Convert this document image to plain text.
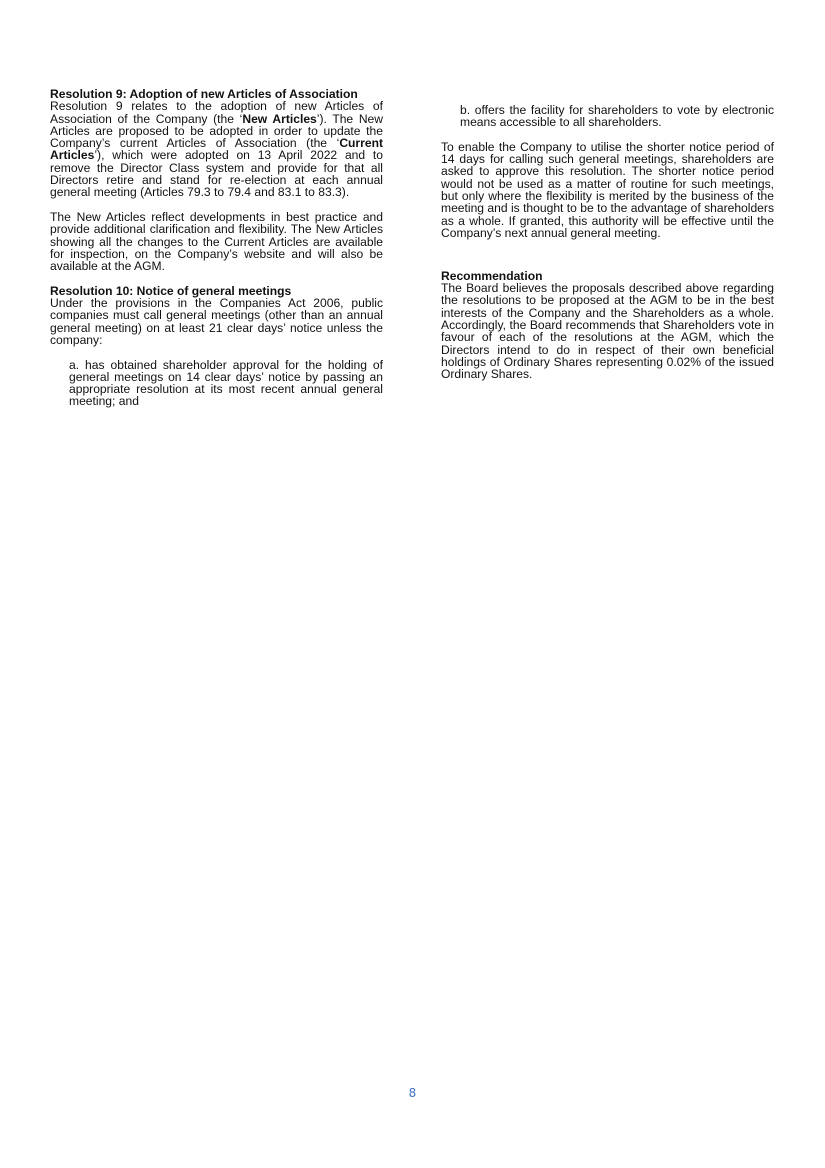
Resolution 9: Adoption of new Articles of Association

Resolution 9 relates to the adoption of new Articles of Association of the Company (the ‘New Articles’). The New Articles are proposed to be adopted in order to update the Company’s current Articles of Association (the ‘Current Articles’), which were adopted on 13 April 2022 and to remove the Director Class system and provide for that all Directors retire and stand for re-election at each annual general meeting (Articles 79.3 to 79.4 and 83.1 to 83.3).

The New Articles reflect developments in best practice and provide additional clarification and flexibility. The New Articles showing all the changes to the Current Articles are available for inspection, on the Company’s website and will also be available at the AGM.

Resolution 10: Notice of general meetings

Under the provisions in the Companies Act 2006, public companies must call general meetings (other than an annual general meeting) on at least 21 clear days’ notice unless the company:

a. has obtained shareholder approval for the holding of general meetings on 14 clear days’ notice by passing an appropriate resolution at its most recent annual general meeting; and

b. offers the facility for shareholders to vote by electronic means accessible to all shareholders.

To enable the Company to utilise the shorter notice period of 14 days for calling such general meetings, shareholders are asked to approve this resolution. The shorter notice period would not be used as a matter of routine for such meetings, but only where the flexibility is merited by the business of the meeting and is thought to be to the advantage of shareholders as a whole. If granted, this authority will be effective until the Company’s next annual general meeting.

Recommendation

The Board believes the proposals described above regarding the resolutions to be proposed at the AGM to be in the best interests of the Company and the Shareholders as a whole. Accordingly, the Board recommends that Shareholders vote in favour of each of the resolutions at the AGM, which the Directors intend to do in respect of their own beneficial holdings of Ordinary Shares representing 0.02% of the issued Ordinary Shares.

8
